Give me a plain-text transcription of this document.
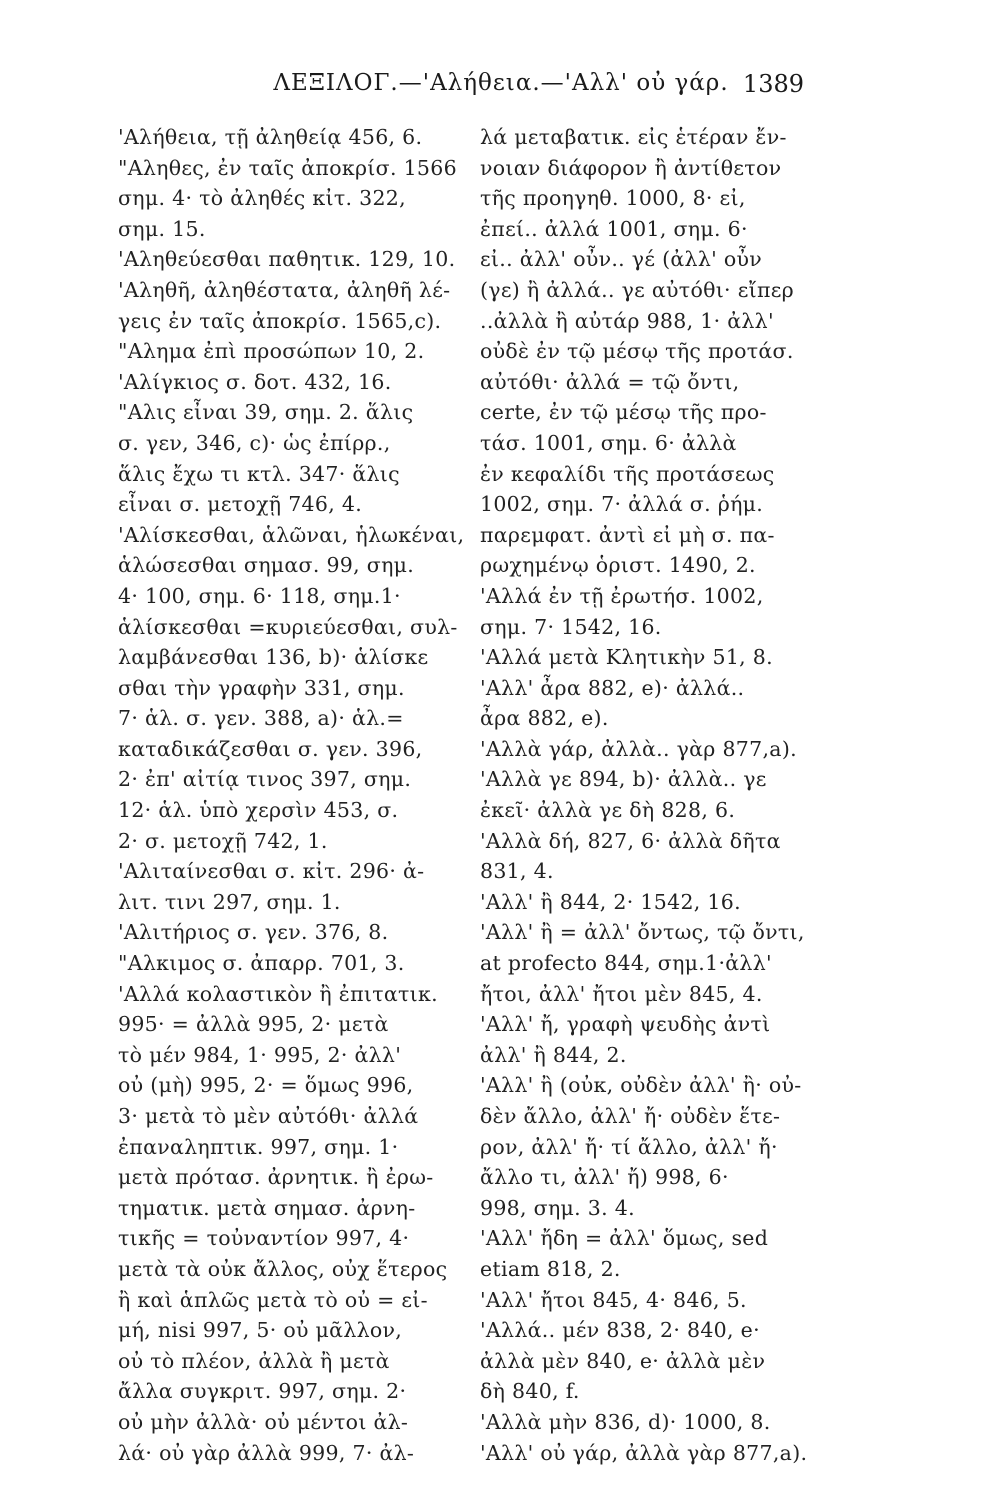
ΛΕΞΙΛΟΓ.—'Αλήθεια.—'Αλλ' οὐ γάρ. 1389
'Αλήθεια, τῇ ἀληθείᾳ 456, 6.
"Αληθες, ἐν ταῖς ἀποκρίσ. 1566
σημ. 4· τὸ ἀληθές κἰτ. 322,
σημ. 15.
'Αληθεύεσθαι παθητικ. 129, 10.
'Αληθῆ, ἀληθέστατα, ἀληθῆ λέ-
γεις ἐν ταῖς ἀποκρίσ. 1565,c).
"Αλημα ἐπὶ προσώπων 10, 2.
'Αλίγκιος σ. δοτ. 432, 16.
"Αλις εἶναι 39, σημ. 2. ἅλις
σ. γεν, 346, c)· ὡς ἐπίρρ.,
ἅλις ἔχω τι κτλ. 347· ἅλις
εἶναι σ. μετοχῇ 746, 4.
'Αλίσκεσθαι, ἁλῶναι, ἡλωκέναι,
ἁλώσεσθαι σημασ. 99, σημ.
4· 100, σημ. 6· 118, σημ.1·
ἁλίσκεσθαι =κυριεύεσθαι, συλ-
λαμβάνεσθαι 136, b)· ἁλίσκε
σθαι τὴν γραφὴν 331, σημ.
7· ἁλ. σ. γεν. 388, a)· ἁλ.=
καταδικάζεσθαι σ. γεν. 396,
2· ἐπ' αἰτίᾳ τινος 397, σημ.
12· ἁλ. ὑπὸ χερσὶν 453, σ.
2· σ. μετοχῇ 742, 1.
'Αλιταίνεσθαι σ. κἰτ. 296· ἀ-
λιτ. τινι 297, σημ. 1.
'Αλιτήριος σ. γεν. 376, 8.
"Αλκιμος σ. ἀπαρρ. 701, 3.
'Αλλά κολαστικὸν ἢ ἐπιτατικ.
995· = ἀλλὰ 995, 2· μετὰ
τὸ μέν 984, 1· 995, 2· ἀλλ'
οὐ (μὴ) 995, 2· = ὅμως 996,
3· μετὰ τὸ μὲν αὐτόθι· ἀλλά
ἐπαναληπτικ. 997, σημ. 1·
μετὰ πρότασ. ἀρνητικ. ἢ ἐρω-
τηματικ. μετὰ σημασ. ἀρνη-
τικῆς = τοὐναντίον 997, 4·
μετὰ τὰ οὐκ ἄλλος, οὐχ ἕτερος
ἢ καὶ ἁπλῶς μετὰ τὸ οὐ = εἰ-
μή, nisi 997, 5· οὐ μᾶλλον,
οὐ τὸ πλέον, ἀλλὰ ἢ μετὰ
ἄλλα συγκριτ. 997, σημ. 2·
οὐ μὴν ἀλλὰ· οὐ μέντοι ἀλ-
λά· οὐ γὰρ ἀλλὰ 999, 7· ἀλ-
λά μεταβατικ. εἰς ἑτέραν ἔν-
νοιαν διάφορον ἢ ἀντίθετον
τῆς προηγηθ. 1000, 8· εἰ,
ἐπεί.. ἀλλά 1001, σημ. 6·
εἰ.. ἀλλ' οὖν.. γέ (ἀλλ' οὖν
(γε) ἢ ἀλλά.. γε αὐτόθι· εἴπερ
..ἀλλὰ ἢ αὐτάρ 988, 1· ἀλλ'
οὐδὲ ἐν τῷ μέσῳ τῆς προτάσ.
αὐτόθι· ἀλλά = τῷ ὄντι,
certe, ἐν τῷ μέσῳ τῆς προ-
τάσ. 1001, σημ. 6· ἀλλὰ
ἐν κεφαλίδι τῆς προτάσεως
1002, σημ. 7· ἀλλά σ. ῥήμ.
παρεμφατ. ἀντὶ εἰ μὴ σ. πα-
ρωχημένῳ ὁριστ. 1490, 2.
'Αλλά ἐν τῇ ἐρωτήσ. 1002,
σημ. 7· 1542, 16.
'Αλλά μετὰ Κλητικὴν 51, 8.
'Αλλ' ἆρα 882, e)· ἀλλά..
ἆρα 882, e).
'Αλλὰ γάρ, ἀλλὰ.. γὰρ 877,a).
'Αλλὰ γε 894, b)· ἀλλὰ.. γε
ἐκεῖ· ἀλλὰ γε δὴ 828, 6.
'Αλλὰ δή, 827, 6· ἀλλὰ δῆτα
831, 4.
'Αλλ' ἢ 844, 2· 1542, 16.
'Αλλ' ἢ = ἀλλ' ὄντως, τῷ ὄντι,
at profecto 844, σημ.1·ἀλλ'
ἤτοι, ἀλλ' ἤτοι μὲν 845, 4.
'Αλλ' ἤ, γραφὴ ψευδὴς ἀντὶ
ἀλλ' ἢ 844, 2.
'Αλλ' ἢ (οὐκ, οὐδὲν ἀλλ' ἢ· οὐ-
δὲν ἄλλο, ἀλλ' ἤ· οὐδὲν ἕτε-
ρον, ἀλλ' ἤ· τί ἄλλο, ἀλλ' ἤ·
ἄλλο τι, ἀλλ' ἤ) 998, 6·
998, σημ. 3. 4.
'Αλλ' ἤδη = ἀλλ' ὅμως, sed
etiam 818, 2.
'Αλλ' ἤτοι 845, 4· 846, 5.
'Αλλά.. μέν 838, 2· 840, e·
ἀλλὰ μὲν 840, e· ἀλλὰ μὲν
δὴ 840, f.
'Αλλὰ μὴν 836, d)· 1000, 8.
'Αλλ' οὐ γάρ, ἀλλὰ γὰρ 877,a).
